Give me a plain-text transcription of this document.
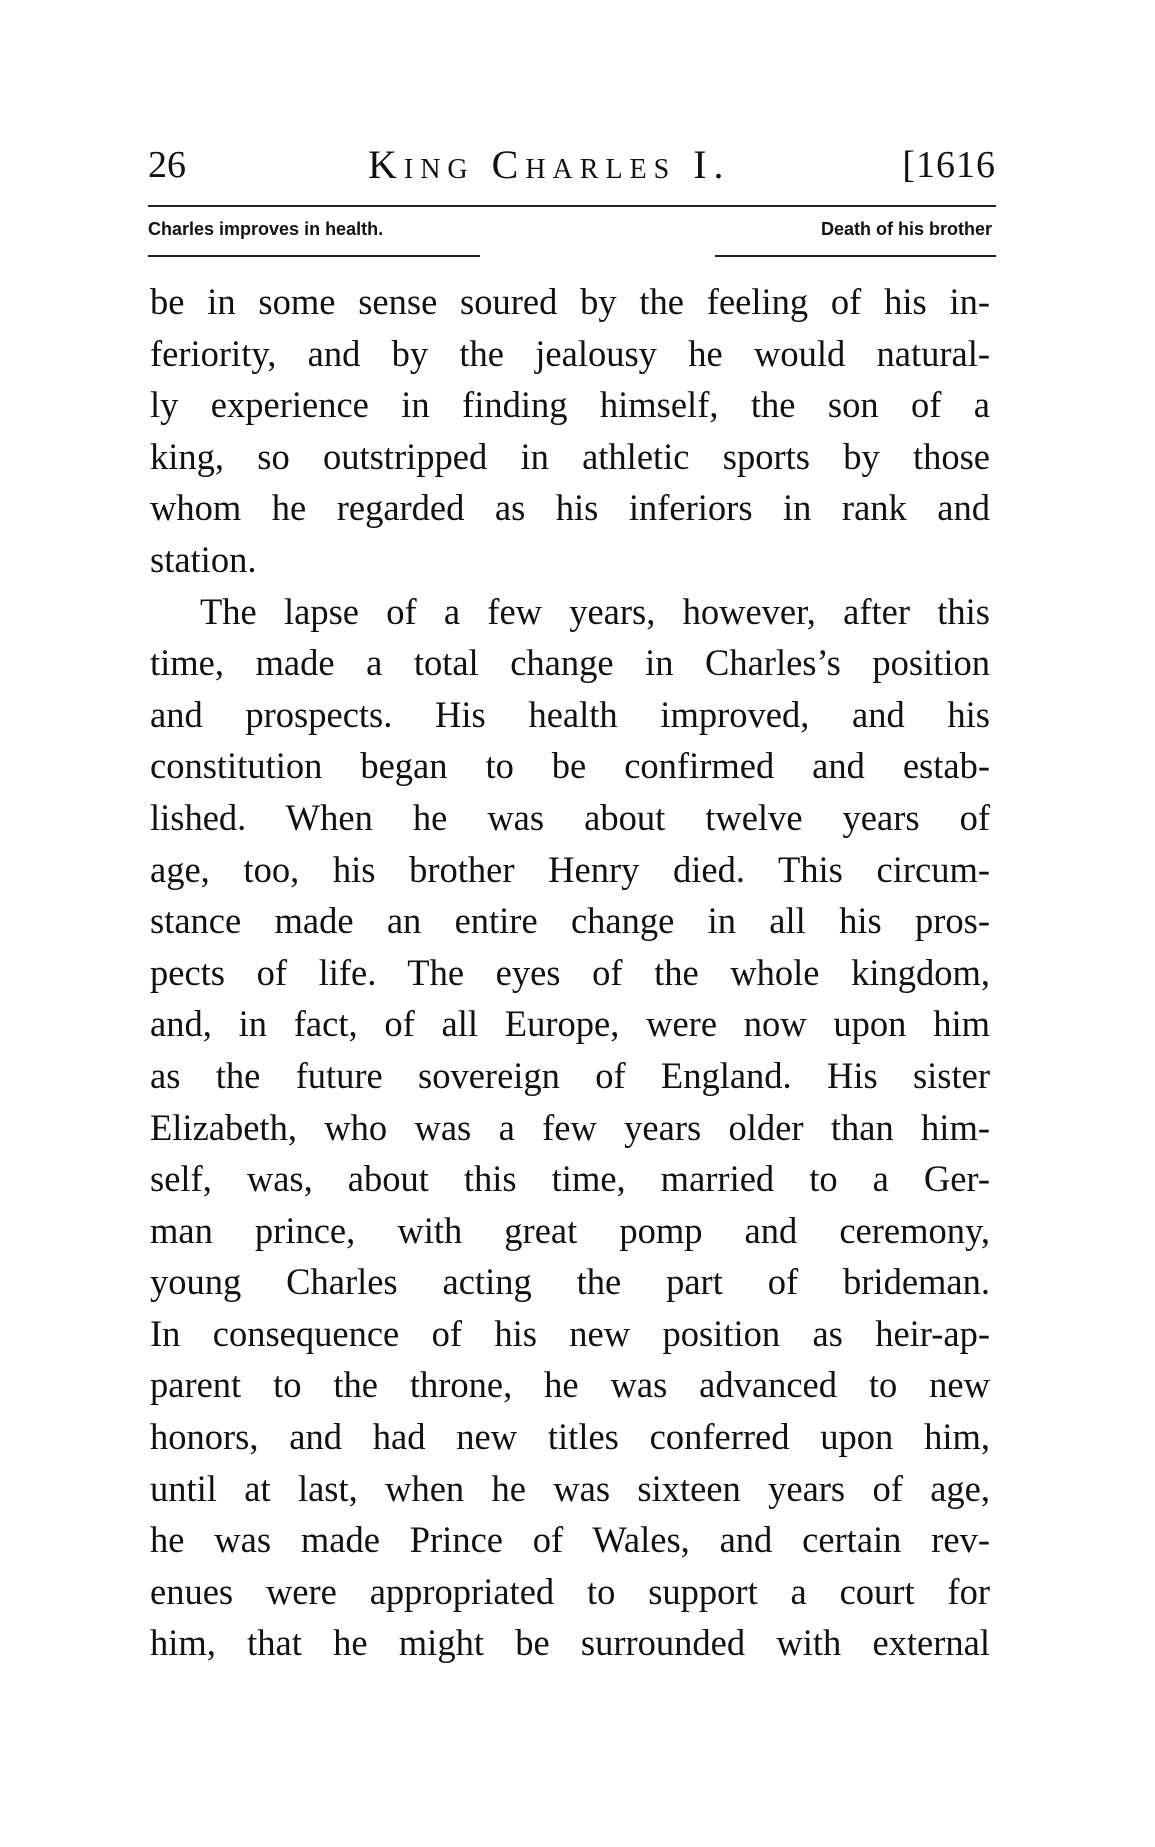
26	King Charles I.	[1616
Charles improves in health.	Death of his brother
be in some sense soured by the feeling of his in-
feriority, and by the jealousy he would natural-
ly experience in finding himself, the son of a
king, so outstripped in athletic sports by those
whom he regarded as his inferiors in rank and
station.
The lapse of a few years, however, after this
time, made a total change in Charles’s position
and prospects. His health improved, and his
constitution began to be confirmed and estab-
lished. When he was about twelve years of
age, too, his brother Henry died. This circum-
stance made an entire change in all his pros-
pects of life. The eyes of the whole kingdom,
and, in fact, of all Europe, were now upon him
as the future sovereign of England. His sister
Elizabeth, who was a few years older than him-
self, was, about this time, married to a Ger-
man prince, with great pomp and ceremony,
young Charles acting the part of brideman.
In consequence of his new position as heir-ap-
parent to the throne, he was advanced to new
honors, and had new titles conferred upon him,
until at last, when he was sixteen years of age,
he was made Prince of Wales, and certain rev-
enues were appropriated to support a court for
him, that he might be surrounded with external
